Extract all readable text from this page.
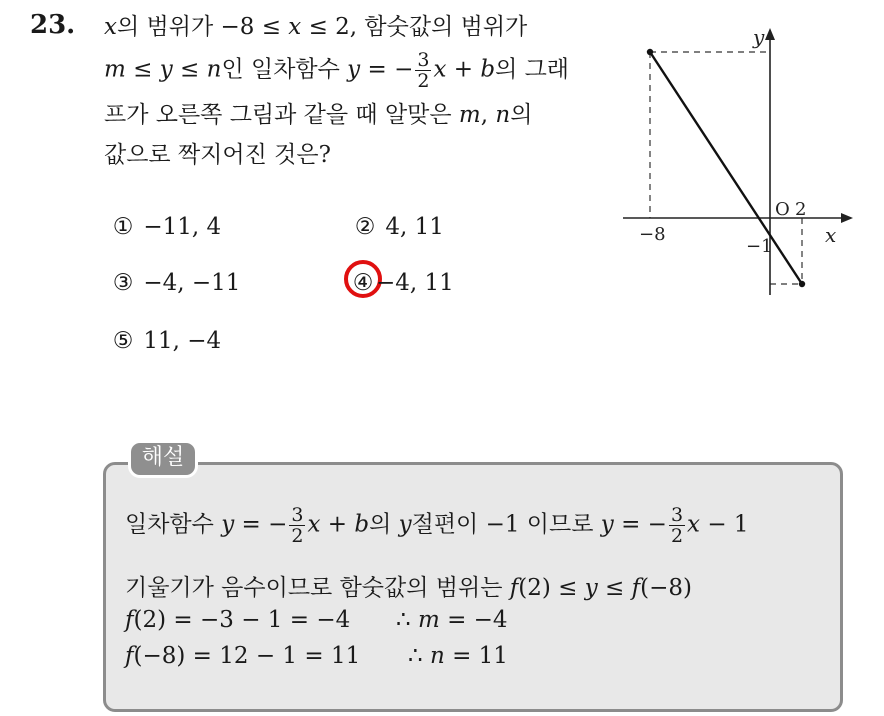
23. x의 범위가 −8 ≤ x ≤ 2, 함숫값의 범위가
m ≤ y ≤ n인 일차함수 y = − $\frac{3}{2}$ x + b의 그래
프가 오른쪽 그림과 같을 때 알맞은 m, n의
값으로 짝지어진 것은?
① −11, 4	② 4, 11
③ −4, −11	④ −4, 11
⑤ 11, −4
y
x
O 2
−8
−1
해설
일차함수 y = − $\frac{3}{2}$ x + b의 y절편이 −1 이므로 y = − $\frac{3}{2}$ x − 1
기울기가 음수이므로 함숫값의 범위는 f(2) ≤ y ≤ f(−8)
f(2) = −3 − 1 = −4 ∴ m = −4
f(−8) = 12 − 1 = 11 ∴ n = 11
